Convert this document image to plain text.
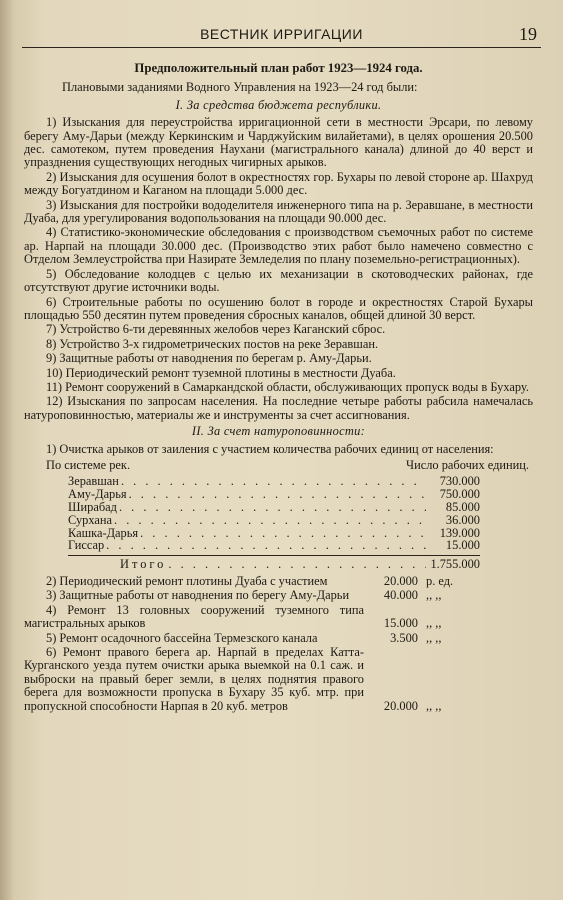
ВЕСТНИК ИРРИГАЦИИ	19
Предположительный план работ 1923—1924 года.

Плановыми заданиями Водного Управления на 1923—24 год были:

I. За средства бюджета республики.

1) Изыскания для переустройства ирригационной сети в местности Эрсари, по левому берегу Аму-Дарьи (между Керкинским и Чарджуйским вилайетами), в целях орошения 20.500 дес. самотеком, путем проведения Наухани (магистрального канала) длиной до 40 верст и упразднения существующих негодных чигирных арыков.

2) Изыскания для осушения болот в окрестностях гор. Бухары по левой стороне ар. Шахруд между Богуатдином и Каганом на площади 5.000 дес.

3) Изыскания для постройки вододелителя инженерного типа на р. Зеравшане, в местности Дуаба, для урегулирования водопользования на площади 90.000 дес.

4) Статистико-экономические обследования с производством съемочных работ по системе ар. Нарпай на площади 30.000 дес. (Производство этих работ было намечено совместно с Отделом Землеустройства при Назирате Земледелия по плану поземельно-регистрационных).

5) Обследование колодцев с целью их механизации в скотоводческих районах, где отсутствуют другие источники воды.

6) Строительные работы по осушению болот в городе и окрестностях Старой Бухары площадью 550 десятин путем проведения сбросных каналов, общей длиной 30 верст.

7) Устройство 6-ти деревянных желобов через Каганский сброс.

8) Устройство 3-х гидрометрических постов на реке Зеравшан.

9) Защитные работы от наводнения по берегам р. Аму-Дарьи.

10) Периодический ремонт туземной плотины в местности Дуаба.

11) Ремонт сооружений в Самаркандской области, обслуживающих пропуск воды в Бухару.

12) Изыскания по запросам населения. На последние четыре работы рабсила намечалась натуроповинностью, материалы же и инструменты за счет ассигнования.

II. За счет натуроповинности:

1) Очистка арыков от заиления с участием количества рабочих единиц от населения:

По системе рек.	Число рабочих единиц.
Зеравшан . . .	730.000
Аму-Дарья . . .	750.000
Ширабад . . .	85.000
Сурхана . . .	36.000
Кашка-Дарья . . .	139.000
Гиссар . . .	15.000
Итого . . .	1.755.000
2) Периодический ремонт плотины Дуаба с участием	20.000 р. ед.
3) Защитные работы от наводнения по берегу Аму-Дарьи	40.000 ,, ,,
4) Ремонт 13 головных сооружений туземного типа магистральных арыков	15.000 ,, ,,
5) Ремонт осадочного бассейна Термезского канала	3.500 ,, ,,
6) Ремонт правого берега ар. Нарпай в пределах Катта-Курганского уезда путем очистки арыка выемкой на 0.1 саж. и выброски на правый берег земли, в целях поднятия правого берега для возможности пропуска в Бухару 35 куб. мтр. при пропускной способности Нарпая в 20 куб. метров	20.000 ,, ,,
